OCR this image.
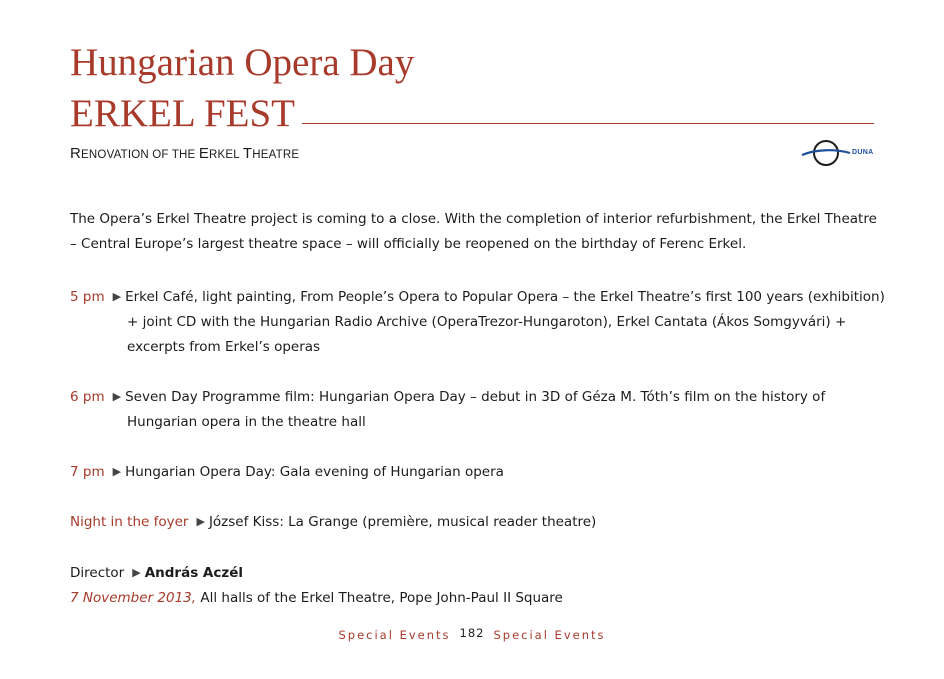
Hungarian Opera Day
ERKEL FEST
RENOVATION OF THE ERKEL THEATRE	DUNA
The Opera’s Erkel Theatre project is coming to a close. With the completion of interior refurbishment, the Erkel Theatre
– Central Europe’s largest theatre space – will officially be reopened on the birthday of Ferenc Erkel.
5 pm ▶ Erkel Café, light painting, From People’s Opera to Popular Opera – the Erkel Theatre’s first 100 years (exhibition)
+ joint CD with the Hungarian Radio Archive (OperaTrezor-Hungaroton), Erkel Cantata (Ákos Somgyvári) +
excerpts from Erkel’s operas
6 pm ▶ Seven Day Programme film: Hungarian Opera Day – debut in 3D of Géza M. Tóth’s film on the history of
Hungarian opera in the theatre hall
7 pm ▶ Hungarian Opera Day: Gala evening of Hungarian opera
Night in the foyer ▶ József Kiss: La Grange (première, musical reader theatre)
Director ▶ András Aczél
7 November 2013, All halls of the Erkel Theatre, Pope John-Paul II Square
Special Events 182 Special Events
